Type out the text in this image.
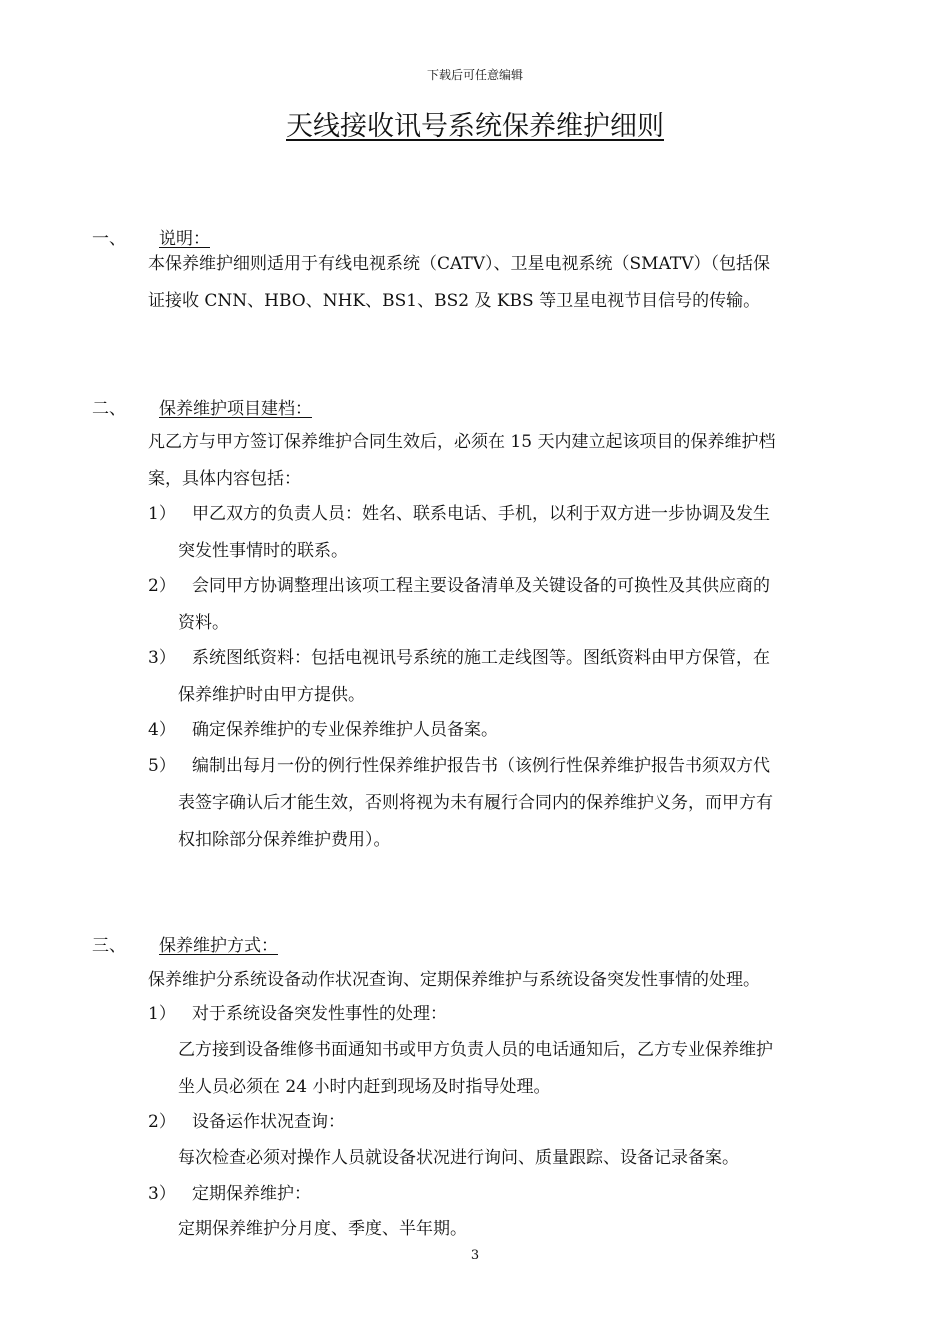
下载后可任意编辑
天线接收讯号系统保养维护细则
一、 说明：
本保养维护细则适用于有线电视系统（CATV）、卫星电视系统（SMATV）（包括保
证接收 CNN、HBO、NHK、BS1、BS2 及 KBS 等卫星电视节目信号的传输。
二、 保养维护项目建档：
凡乙方与甲方签订保养维护合同生效后，必须在 15 天内建立起该项目的保养维护档
案，具体内容包括：
1） 甲乙双方的负责人员：姓名、联系电话、手机，以利于双方进一步协调及发生
突发性事情时的联系。
2） 会同甲方协调整理出该项工程主要设备清单及关键设备的可换性及其供应商的
资料。
3） 系统图纸资料：包括电视讯号系统的施工走线图等。图纸资料由甲方保管，在
保养维护时由甲方提供。
4） 确定保养维护的专业保养维护人员备案。
5） 编制出每月一份的例行性保养维护报告书（该例行性保养维护报告书须双方代
表签字确认后才能生效，否则将视为未有履行合同内的保养维护义务，而甲方有
权扣除部分保养维护费用）。
三、 保养维护方式：
保养维护分系统设备动作状况查询、定期保养维护与系统设备突发性事情的处理。
1） 对于系统设备突发性事性的处理：
乙方接到设备维修书面通知书或甲方负责人员的电话通知后，乙方专业保养维护
坐人员必须在 24 小时内赶到现场及时指导处理。
2） 设备运作状况查询：
每次检查必须对操作人员就设备状况进行询问、质量跟踪、设备记录备案。
3） 定期保养维护：
定期保养维护分月度、季度、半年期。
3
